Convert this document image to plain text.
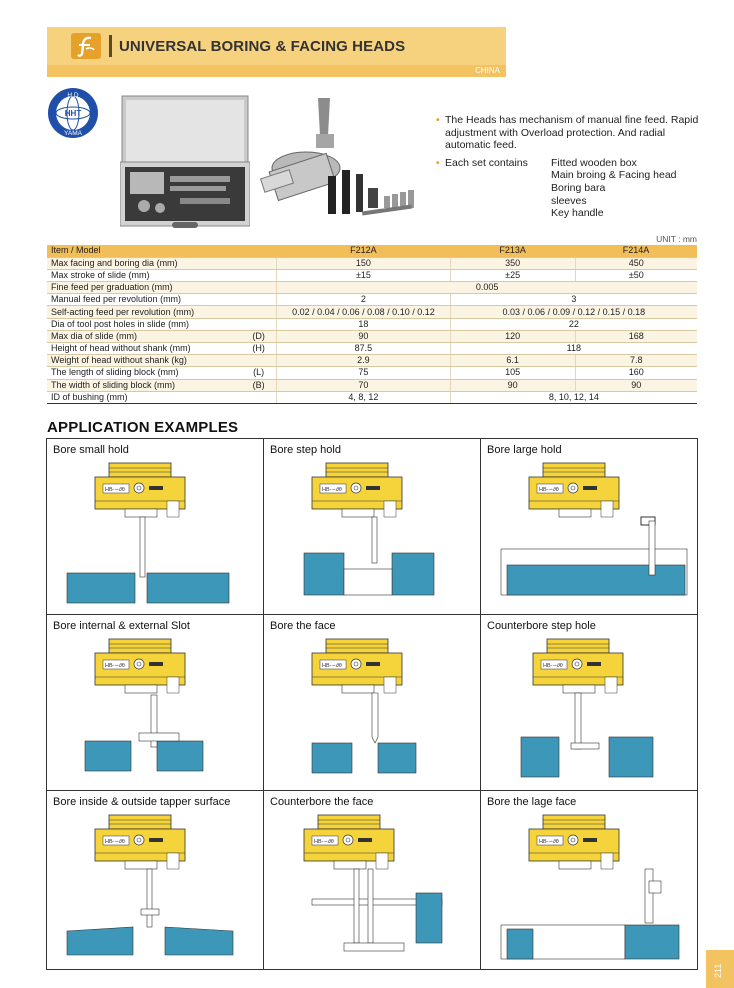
CHINA
UNIVERSAL BORING & FACING HEADS
H.D
HHT
YAMA
• The Heads has mechanism of manual fine feed. Rapid adjustment with Overload protection. And radial automatic feed.
• Each set contains	Fitted wooden box
Main broing & Facing head
Boring bara
sleeves
Key handle
UNIT : mm
Item / Model		F212A	F213A	F214A
Max facing and boring dia (mm)		150	350	450
Max stroke of slide (mm)		±15	±25	±50
Fine feed per graduation (mm)		0.005		
Manual feed per revolution (mm)		2	3	
Self-acting feed per revolution (mm)		0.02 / 0.04 / 0.06 / 0.08 / 0.10 / 0.12	0.03 / 0.06 / 0.09 / 0.12 / 0.15 / 0.18	
Dia of tool post holes in slide (mm)		18	22	
Max dia of slide (mm)	(D)	90	120	168
Height of head without shank (mm)	(H)	87.5	118	
Weight of head without shank (kg)		2.9	6.1	7.8
The length of sliding block (mm)	(L)	75	105	160
The width of sliding block (mm)	(B)	70	90	90
ID of bushing (mm)		4, 8, 12	8, 10, 12, 14	
APPLICATION EXAMPLES
Bore small hold
HB-∽∂θ
Bore step hold
HB-∽∂θ
Bore large hold
HB-∽∂θ
Bore internal & external Slot
HB-∽∂θ
Bore the face
HB-∽∂θ
Counterbore step hole
HB-∽∂θ
Bore inside & outside tapper surface
HB-∽∂θ
Counterbore the face
HB-∽∂θ
Bore the lage face
HB-∽∂θ
211
